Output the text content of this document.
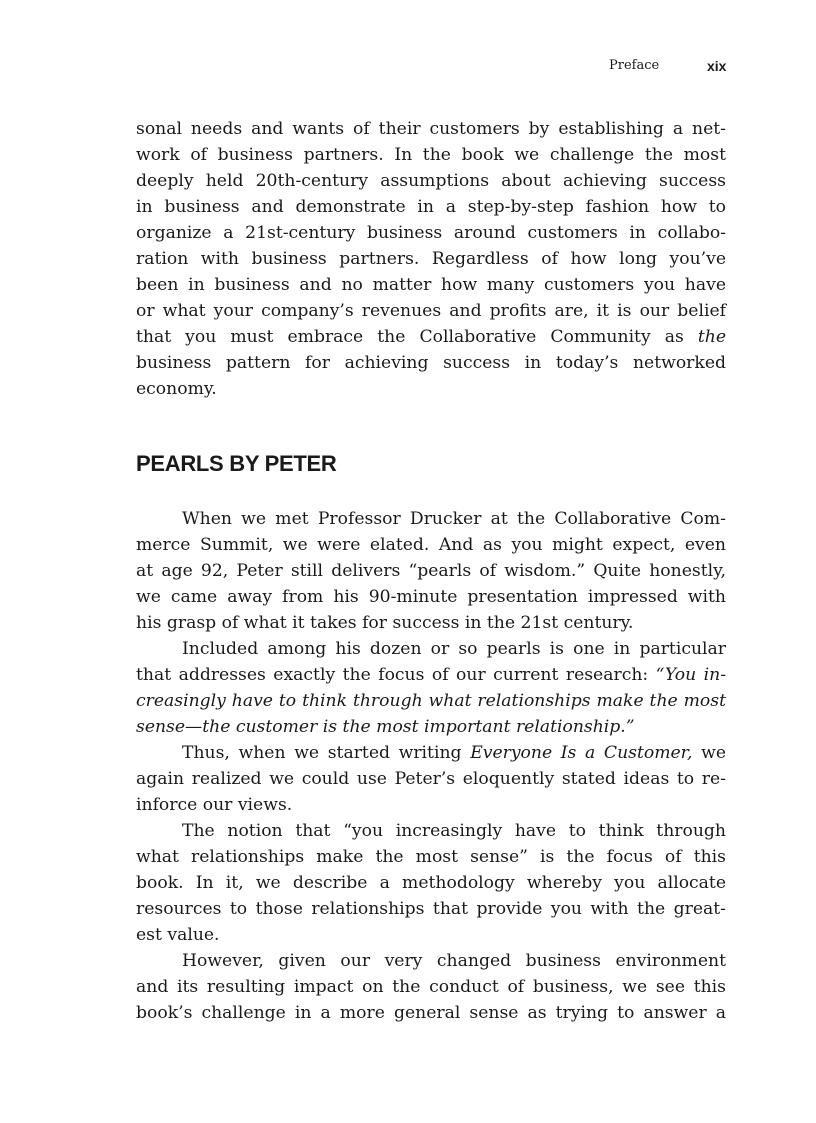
Preface	xix
sonal needs and wants of their customers by establishing a net-
work of business partners. In the book we challenge the most
deeply held 20th-century assumptions about achieving success
in business and demonstrate in a step-by-step fashion how to
organize a 21st-century business around customers in collabo-
ration with business partners. Regardless of how long you’ve
been in business and no matter how many customers you have
or what your company’s revenues and profits are, it is our belief
that you must embrace the Collaborative Community as the
business pattern for achieving success in today’s networked
economy.
PEARLS BY PETER
When we met Professor Drucker at the Collaborative Com-
merce Summit, we were elated. And as you might expect, even
at age 92, Peter still delivers “pearls of wisdom.” Quite honestly,
we came away from his 90-minute presentation impressed with
his grasp of what it takes for success in the 21st century.
Included among his dozen or so pearls is one in particular
that addresses exactly the focus of our current research: “You in-
creasingly have to think through what relationships make the most
sense—the customer is the most important relationship.”
Thus, when we started writing Everyone Is a Customer, we
again realized we could use Peter’s eloquently stated ideas to re-
inforce our views.
The notion that “you increasingly have to think through
what relationships make the most sense” is the focus of this
book. In it, we describe a methodology whereby you allocate
resources to those relationships that provide you with the great-
est value.
However, given our very changed business environment
and its resulting impact on the conduct of business, we see this
book’s challenge in a more general sense as trying to answer a
